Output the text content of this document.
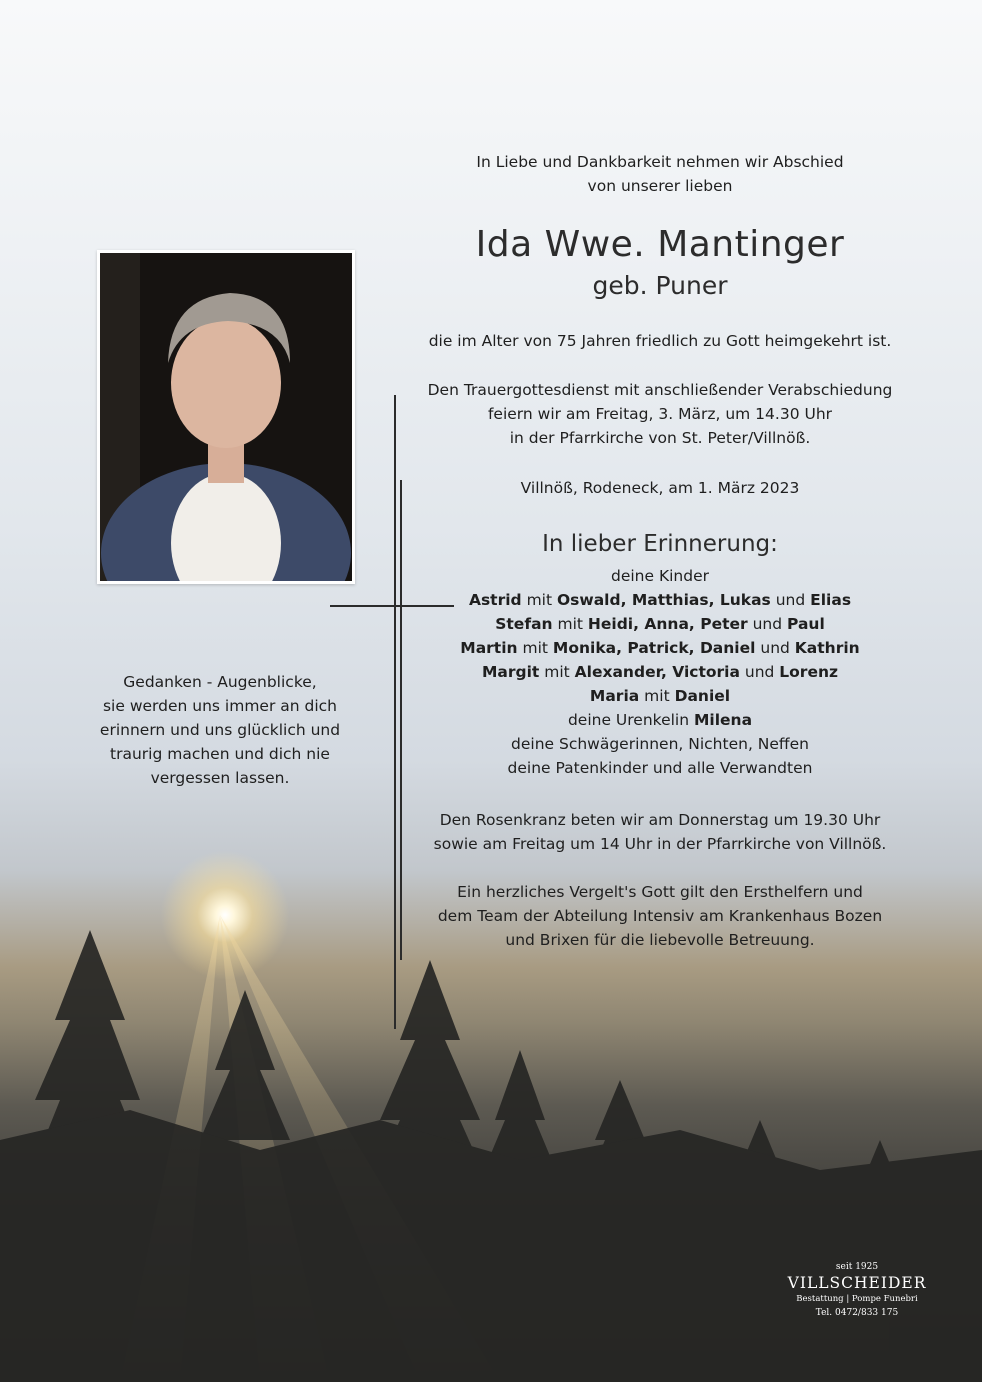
In Liebe und Dankbarkeit nehmen wir Abschied
von unserer lieben
Ida Wwe. Mantinger
geb. Puner
die im Alter von 75 Jahren friedlich zu Gott heimgekehrt ist.
Den Trauergottesdienst mit anschließender Verabschiedung
feiern wir am Freitag, 3. März, um 14.30 Uhr
in der Pfarrkirche von St. Peter/Villnöß.
Villnöß, Rodeneck, am 1. März 2023
In lieber Erinnerung:
deine Kinder
Astrid mit Oswald, Matthias, Lukas und Elias
Stefan mit Heidi, Anna, Peter und Paul
Martin mit Monika, Patrick, Daniel und Kathrin
Margit mit Alexander, Victoria und Lorenz
Maria mit Daniel
deine Urenkelin Milena
deine Schwägerinnen, Nichten, Neffen
deine Patenkinder und alle Verwandten
Den Rosenkranz beten wir am Donnerstag um 19.30 Uhr
sowie am Freitag um 14 Uhr in der Pfarrkirche von Villnöß.
Ein herzliches Vergelt's Gott gilt den Ersthelfern und
dem Team der Abteilung Intensiv am Krankenhaus Bozen
und Brixen für die liebevolle Betreuung.
Gedanken - Augenblicke,
sie werden uns immer an dich
erinnern und uns glücklich und
traurig machen und dich nie
vergessen lassen.
seit 1925
VILLSCHEIDER
Bestattung | Pompe Funebri
Tel. 0472/833 175
